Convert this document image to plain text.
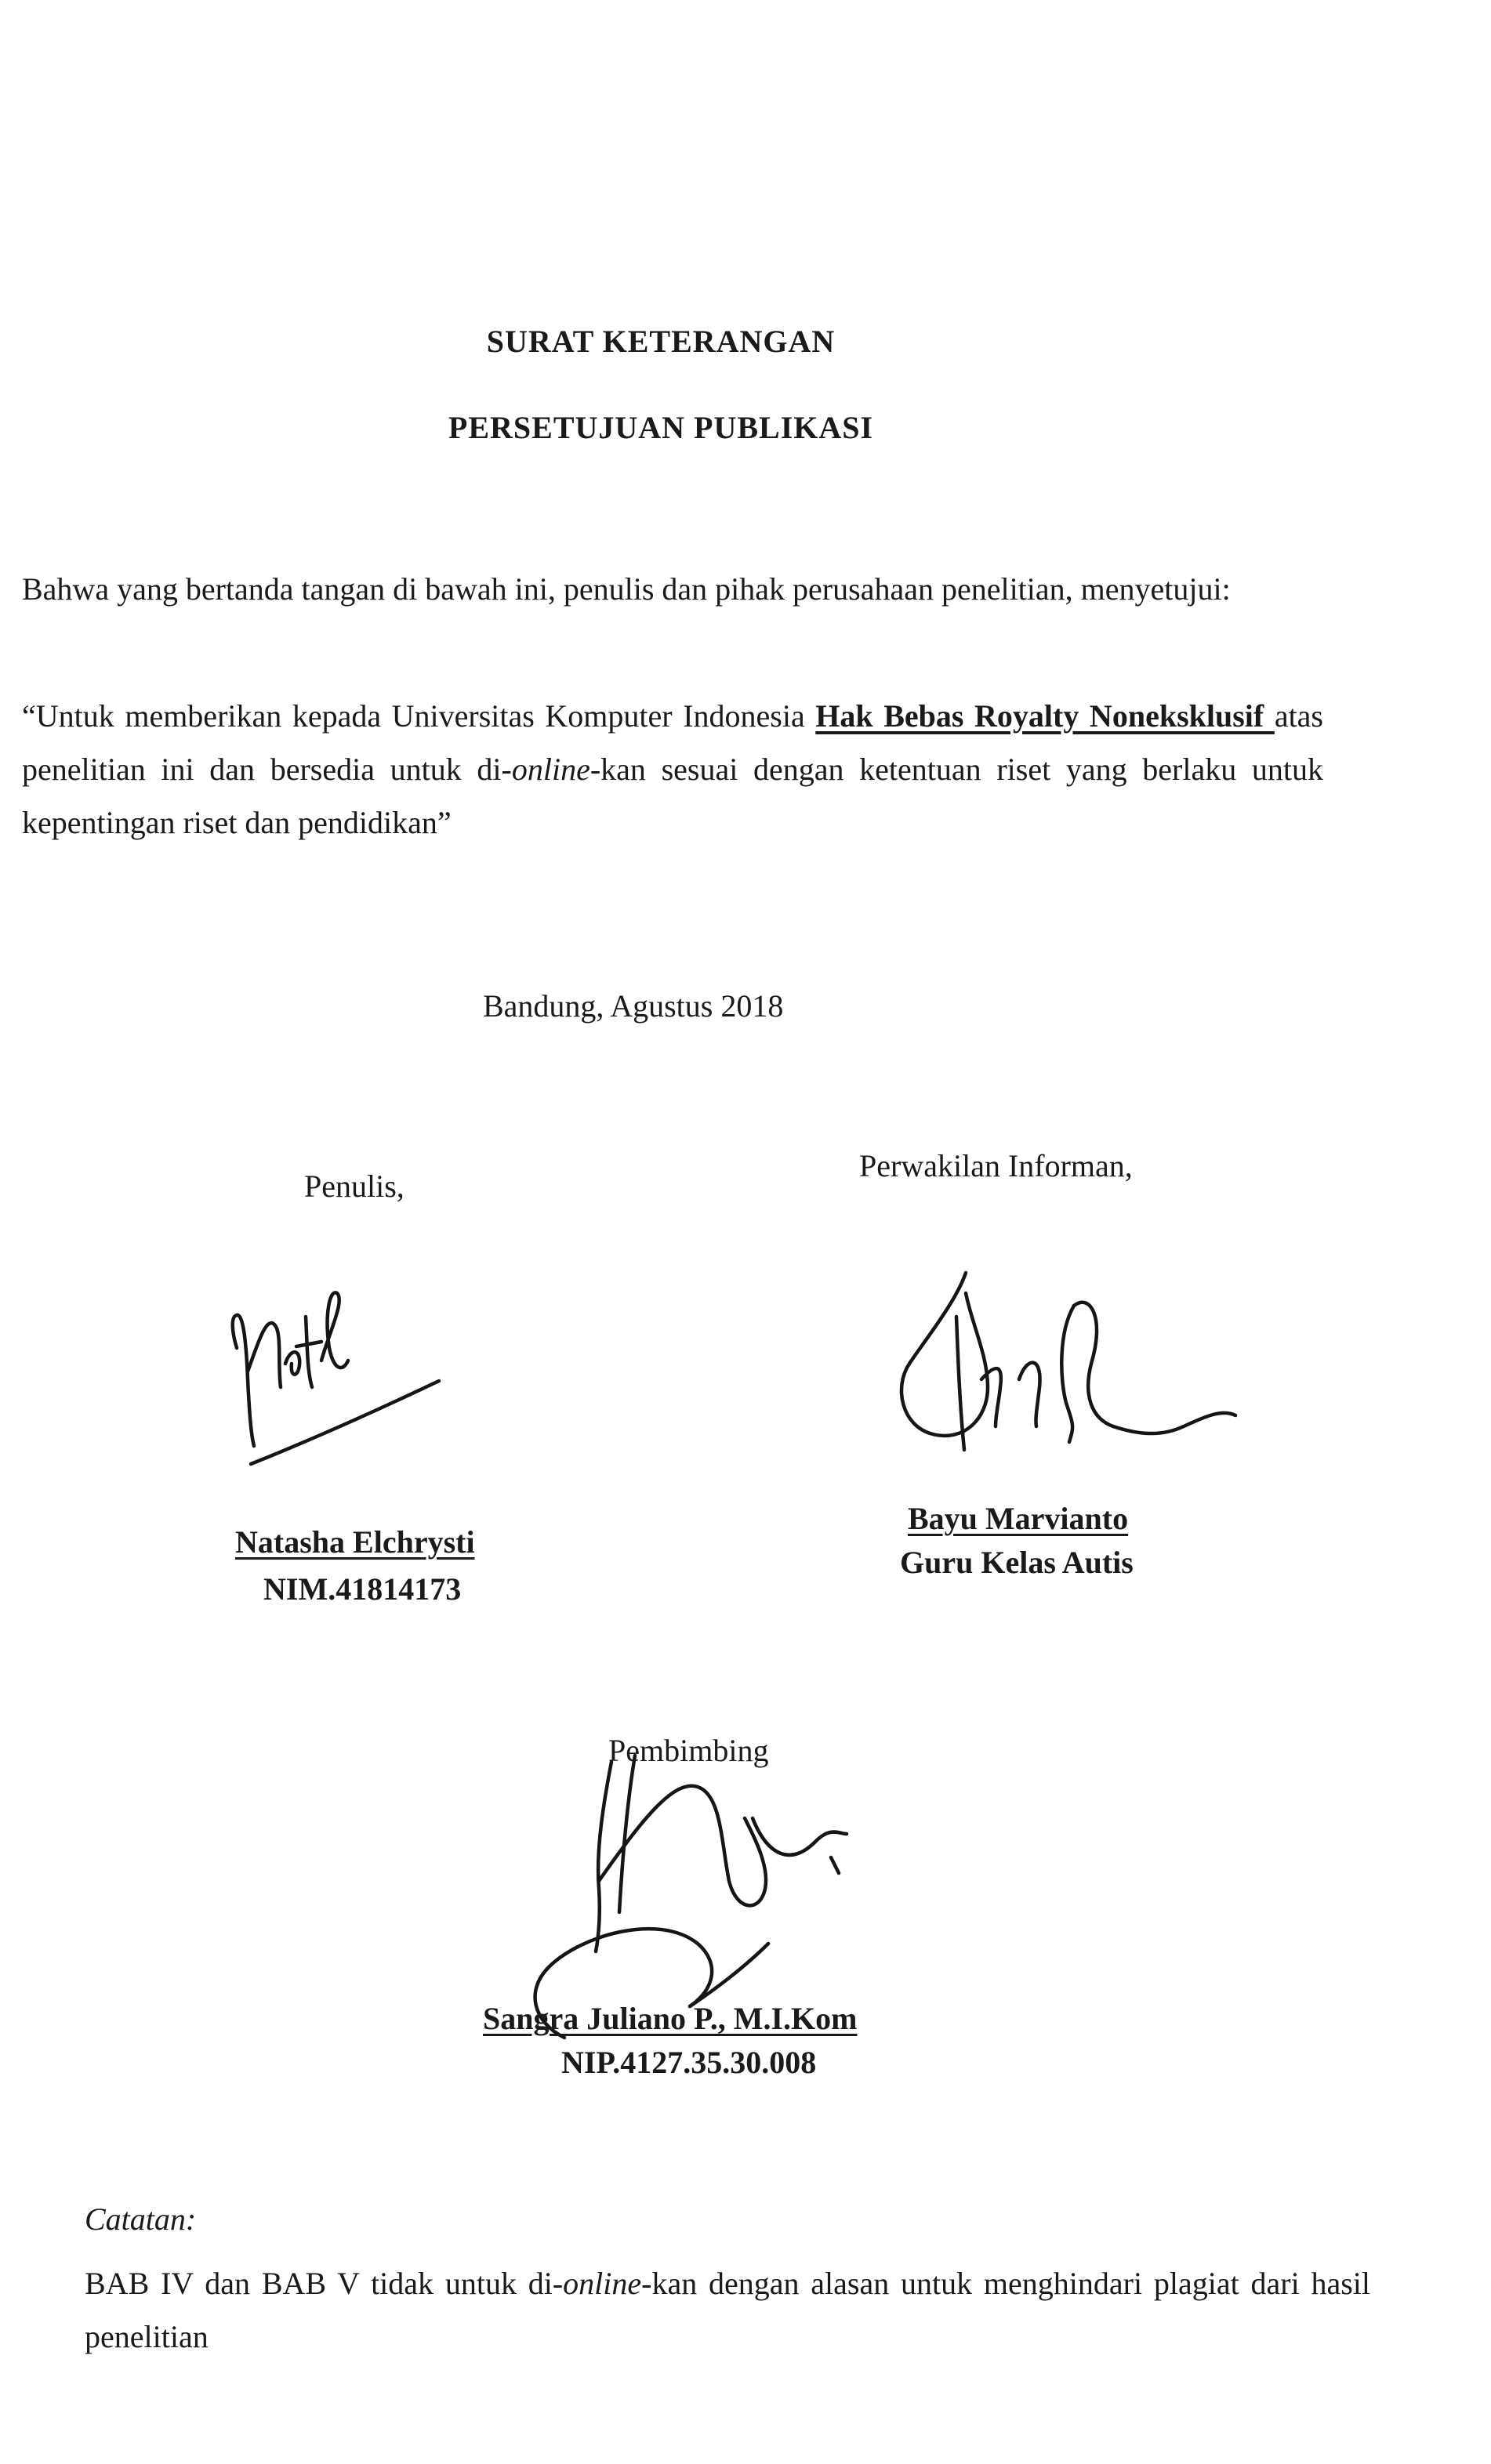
SURAT KETERANGAN
PERSETUJUAN PUBLIKASI
Bahwa yang bertanda tangan di bawah ini, penulis dan pihak perusahaan penelitian, menyetujui:
“Untuk memberikan kepada Universitas Komputer Indonesia Hak Bebas Royalty Noneksklusif atas penelitian ini dan bersedia untuk di-online-kan sesuai dengan ketentuan riset yang berlaku untuk kepentingan riset dan pendidikan”
Bandung, Agustus 2018
Penulis,
Perwakilan Informan,
Natasha Elchrysti
NIM.41814173
Bayu Marvianto
Guru Kelas Autis
Pembimbing
Sangra Juliano P., M.I.Kom
NIP.4127.35.30.008
Catatan:
BAB IV dan BAB V tidak untuk di-online-kan dengan alasan untuk menghindari plagiat dari hasil penelitian
